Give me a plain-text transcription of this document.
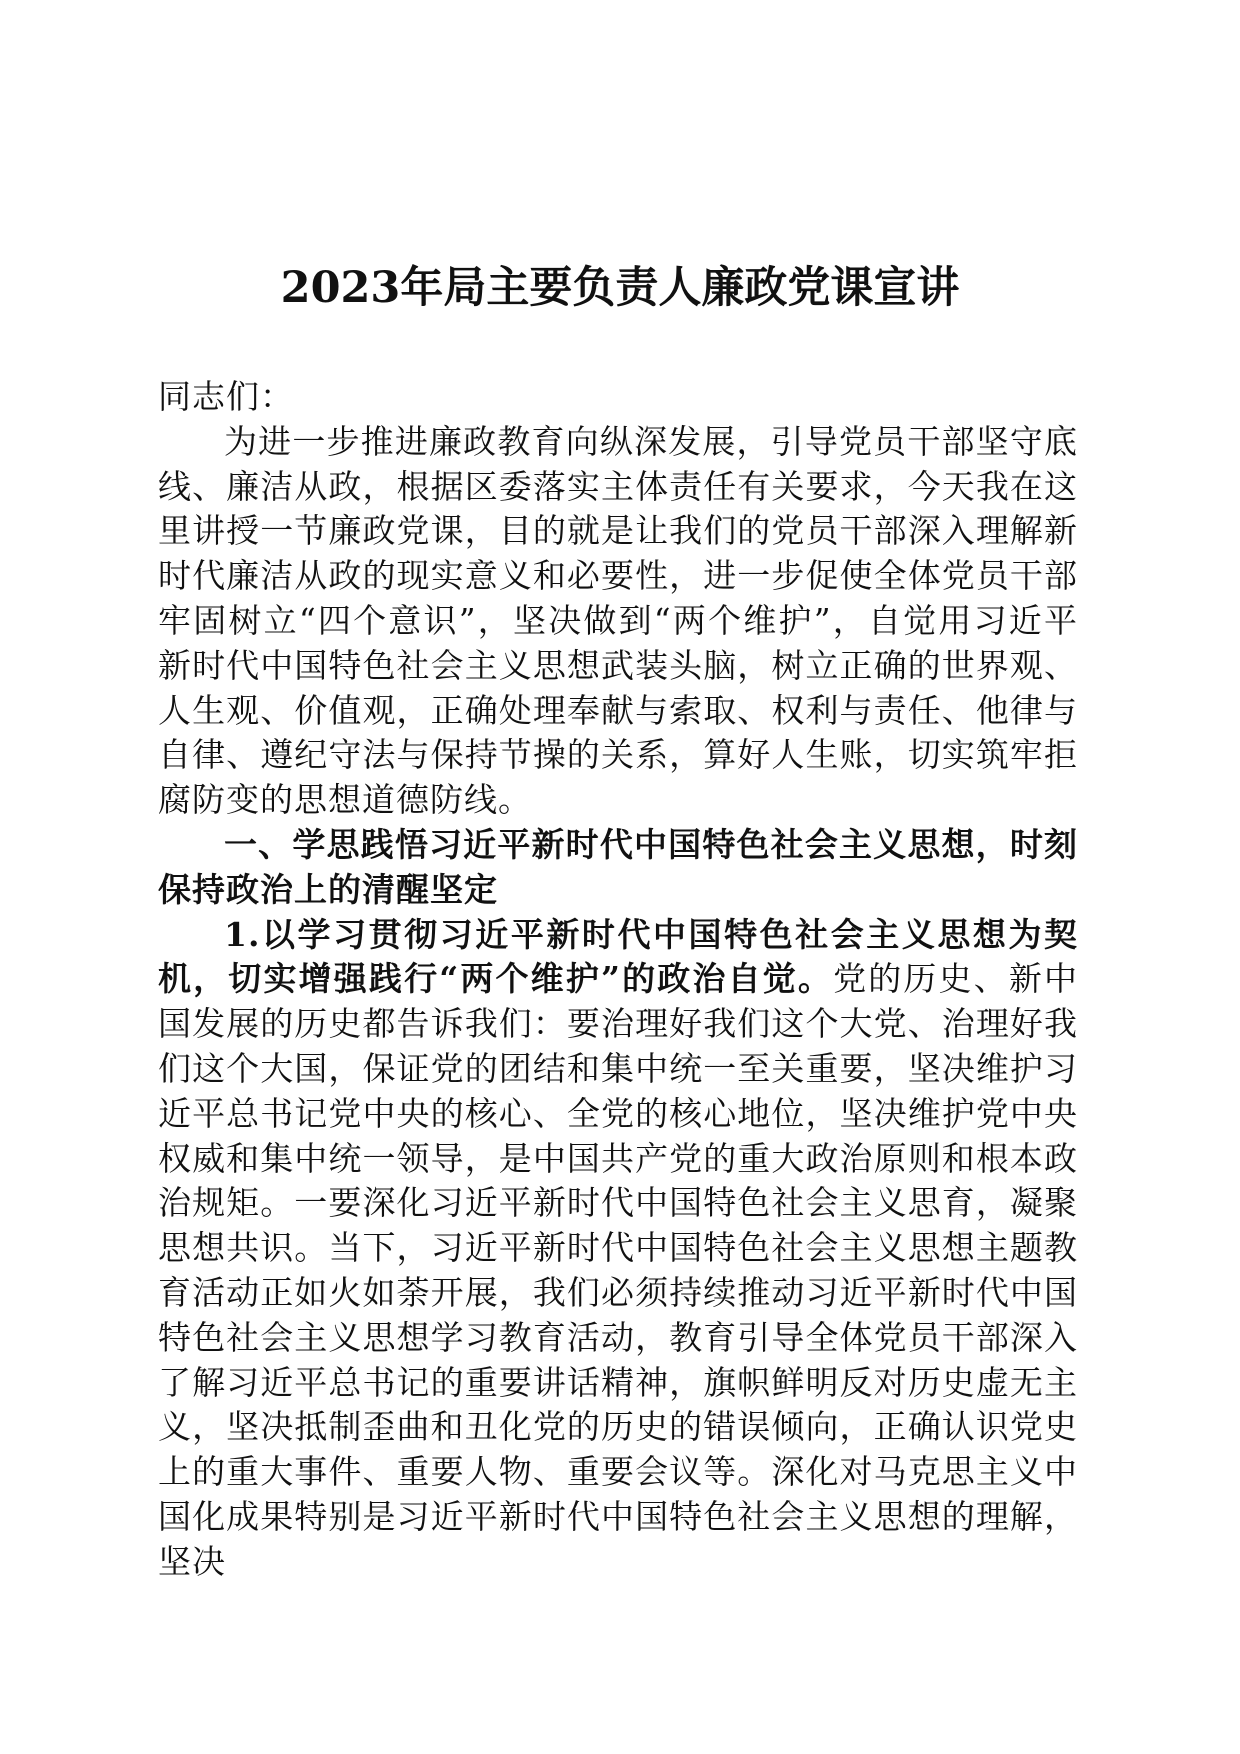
2023年局主要负责人廉政党课宣讲

同志们：

为进一步推进廉政教育向纵深发展，引导党员干部坚守底线、廉洁从政，根据区委落实主体责任有关要求，今天我在这里讲授一节廉政党课，目的就是让我们的党员干部深入理解新时代廉洁从政的现实意义和必要性，进一步促使全体党员干部牢固树立“四个意识”，坚决做到“两个维护”，自觉用习近平新时代中国特色社会主义思想武装头脑，树立正确的世界观、人生观、价值观，正确处理奉献与索取、权利与责任、他律与自律、遵纪守法与保持节操的关系，算好人生账，切实筑牢拒腐防变的思想道德防线。

一、学思践悟习近平新时代中国特色社会主义思想，时刻保持政治上的清醒坚定

1.以学习贯彻习近平新时代中国特色社会主义思想为契机，切实增强践行“两个维护”的政治自觉。党的历史、新中国发展的历史都告诉我们：要治理好我们这个大党、治理好我们这个大国，保证党的团结和集中统一至关重要，坚决维护习近平总书记党中央的核心、全党的核心地位，坚决维护党中央权威和集中统一领导，是中国共产党的重大政治原则和根本政治规矩。一要深化习近平新时代中国特色社会主义思育，凝聚思想共识。当下，习近平新时代中国特色社会主义思想主题教育活动正如火如荼开展，我们必须持续推动习近平新时代中国特色社会主义思想学习教育活动，教育引导全体党员干部深入了解习近平总书记的重要讲话精神，旗帜鲜明反对历史虚无主义，坚决抵制歪曲和丑化党的历史的错误倾向，正确认识党史上的重大事件、重要人物、重要会议等。深化对马克思主义中国化成果特别是习近平新时代中国特色社会主义思想的理解，坚决
